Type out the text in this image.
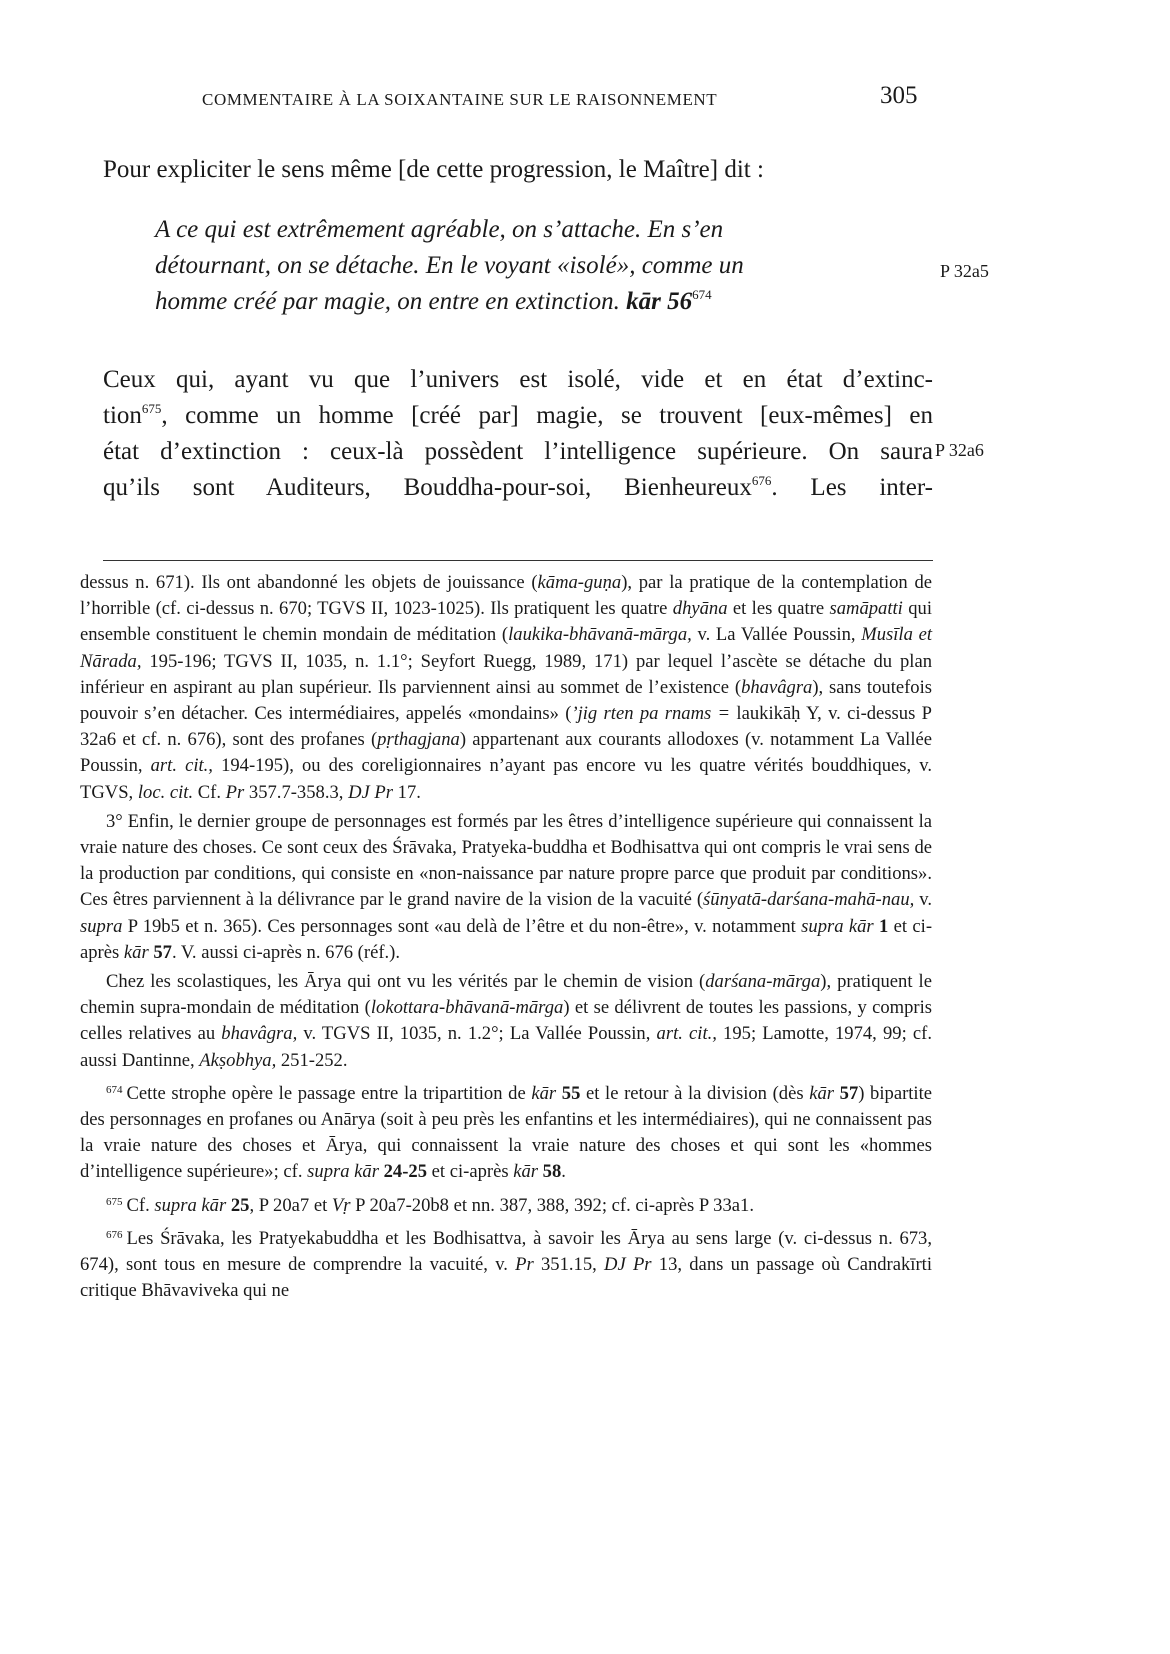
COMMENTAIRE À LA SOIXANTAINE SUR LE RAISONNEMENT	305
Pour expliciter le sens même [de cette progression, le Maître] dit :
A ce qui est extrêmement agréable, on s’attache. En s’en
détournant, on se détache. En le voyant «isolé», comme un
homme créé par magie, on entre en extinction. kār $56^{674}$
P 32a5
Ceux qui, ayant vu que l’univers est isolé, vide et en état d’extinc-
tion$^{675}$, comme un homme [créé par] magie, se trouvent [eux-mêmes] en
état d’extinction : ceux-là possèdent l’intelligence supérieure. On saura
qu’ils sont Auditeurs, Bouddha-pour-soi, Bienheureux$^{676}$. Les inter-
P 32a6

dessus n. 671). Ils ont abandonné les objets de jouissance (kāma-guṇa), par la pratique de la contemplation de l’horrible (cf. ci-dessus n. 670; TGVS II, 1023-1025). Ils pratiquent les quatre dhyāna et les quatre samāpatti qui ensemble constituent le chemin mondain de méditation (laukika-bhāvanā-mārga, v. La Vallée Poussin, Musīla et Nārada, 195-196; TGVS II, 1035, n. 1.1°; Seyfort Ruegg, 1989, 171) par lequel l’ascète se détache du plan inférieur en aspirant au plan supérieur. Ils parviennent ainsi au sommet de l’existence (bhavâgra), sans toutefois pouvoir s’en détacher. Ces intermédiaires, appelés «mondains» (’jig rten pa rnams = laukikāḥ Y, v. ci-dessus P 32a6 et cf. n. 676), sont des profanes (pṛthagjana) appartenant aux courants allodoxes (v. notamment La Vallée Poussin, art. cit., 194-195), ou des coreligionnaires n’ayant pas encore vu les quatre vérités bouddhiques, v. TGVS, loc. cit. Cf. Pr 357.7-358.3, DJ Pr 17.

3° Enfin, le dernier groupe de personnages est formés par les êtres d’intelligence supérieure qui connaissent la vraie nature des choses. Ce sont ceux des Śrāvaka, Pratyeka-buddha et Bodhisattva qui ont compris le vrai sens de la production par conditions, qui consiste en «non-naissance par nature propre parce que produit par conditions». Ces êtres parviennent à la délivrance par le grand navire de la vision de la vacuité (śūnyatā-darśana-mahā-nau, v. supra P 19b5 et n. 365). Ces personnages sont «au delà de l’être et du non-être», v. notamment supra kār 1 et ci-après kār 57. V. aussi ci-après n. 676 (réf.).

Chez les scolastiques, les Ārya qui ont vu les vérités par le chemin de vision (darśana-mārga), pratiquent le chemin supra-mondain de méditation (lokottara-bhāvanā-mārga) et se délivrent de toutes les passions, y compris celles relatives au bhavâgra, v. TGVS II, 1035, n. 1.2°; La Vallée Poussin, art. cit., 195; Lamotte, 1974, 99; cf. aussi Dantinne, Akṣobhya, 251-252.

$^{674}$ Cette strophe opère le passage entre la tripartition de kār 55 et le retour à la division (dès kār 57) bipartite des personnages en profanes ou Anārya (soit à peu près les enfantins et les intermédiaires), qui ne connaissent pas la vraie nature des choses et Ārya, qui connaissent la vraie nature des choses et qui sont les «hommes d’intelligence supérieure»; cf. supra kār 24-25 et ci-après kār 58.

$^{675}$ Cf. supra kār 25, P 20a7 et Vṛ P 20a7-20b8 et nn. 387, 388, 392; cf. ci-après P 33a1.

$^{676}$ Les Śrāvaka, les Pratyekabuddha et les Bodhisattva, à savoir les Ārya au sens large (v. ci-dessus n. 673, 674), sont tous en mesure de comprendre la vacuité, v. Pr 351.15, DJ Pr 13, dans un passage où Candrakīrti critique Bhāvaviveka qui ne
